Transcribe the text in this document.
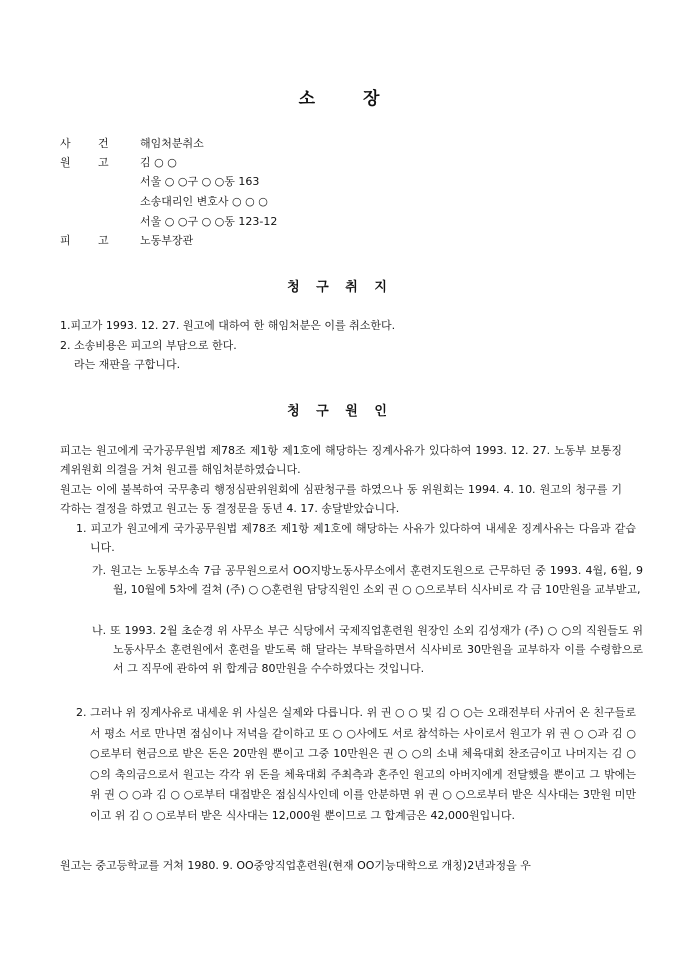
소	장
사 건	해임처분취소
원 고	김 ○ ○
서울 ○ ○구 ○ ○동 163
소송대리인 변호사 ○ ○ ○
서울 ○ ○구 ○ ○동 123-12
피 고	노동부장관
청 구 취 지
1.피고가 1993. 12. 27. 원고에 대하여 한 해임처분은 이를 취소한다.
2. 소송비용은 피고의 부담으로 한다.
라는 재판을 구합니다.
청 구 원 인
피고는 원고에게 국가공무원법 제78조 제1항 제1호에 해당하는 징계사유가 있다하여 1993. 12. 27. 노동부 보통징계위원회 의결을 거쳐 원고를 해임처분하였습니다.
원고는 이에 불복하여 국무총리 행정심판위원회에 심판청구를 하였으나 동 위원회는 1994. 4. 10. 원고의 청구를 기각하는 결정을 하였고 원고는 동 결정문을 동년 4. 17. 송달받았습니다.
1. 피고가 원고에게 국가공무원법 제78조 제1항 제1호에 해당하는 사유가 있다하여 내세운 징계사유는 다음과 같습니다.
가. 원고는 노동부소속 7급 공무원으로서 OO지방노동사무소에서 훈련지도원으로 근무하던 중 1993. 4월, 6월, 9월, 10월에 5차에 걸쳐 (주) ○ ○훈련원 담당직원인 소외 권 ○ ○으로부터 식사비로 각 금 10만원을 교부받고,
나. 또 1993. 2월 초순경 위 사무소 부근 식당에서 국제직업훈련원 원장인 소외 김성재가 (주) ○ ○의 직원들도 위 노동사무소 훈련원에서 훈련을 받도록 해 달라는 부탁을하면서 식사비로 30만원을 교부하자 이를 수령함으로서 그 직무에 관하여 위 합계금 80만원을 수수하였다는 것입니다.
2. 그러나 위 징계사유로 내세운 위 사실은 실제와 다릅니다. 위 권 ○ ○ 및 김 ○ ○는 오래전부터 사귀어 온 친구들로서 평소 서로 만나면 점심이나 저녁을 같이하고 또 ○ ○사에도 서로 참석하는 사이로서 원고가 위 권 ○ ○과 김 ○ ○로부터 현금으로 받은 돈은 20만원 뿐이고 그중 10만원은 권 ○ ○의 소내 체육대회 찬조금이고 나머지는 김 ○ ○의 축의금으로서 원고는 각각 위 돈을 체육대회 주최측과 혼주인 원고의 아버지에게 전달했을 뿐이고 그 밖에는 위 권 ○ ○과 김 ○ ○로부터 대접받은 점심식사인데 이를 안분하면 위 권 ○ ○으로부터 받은 식사대는 3만원 미만이고 위 김 ○ ○로부터 받은 식사대는 12,000원 뿐이므로 그 합계금은 42,000원입니다.
원고는 중고등학교를 거쳐 1980. 9. OO중앙직업훈련원(현재 OO기능대학으로 개칭)2년과정을 우
